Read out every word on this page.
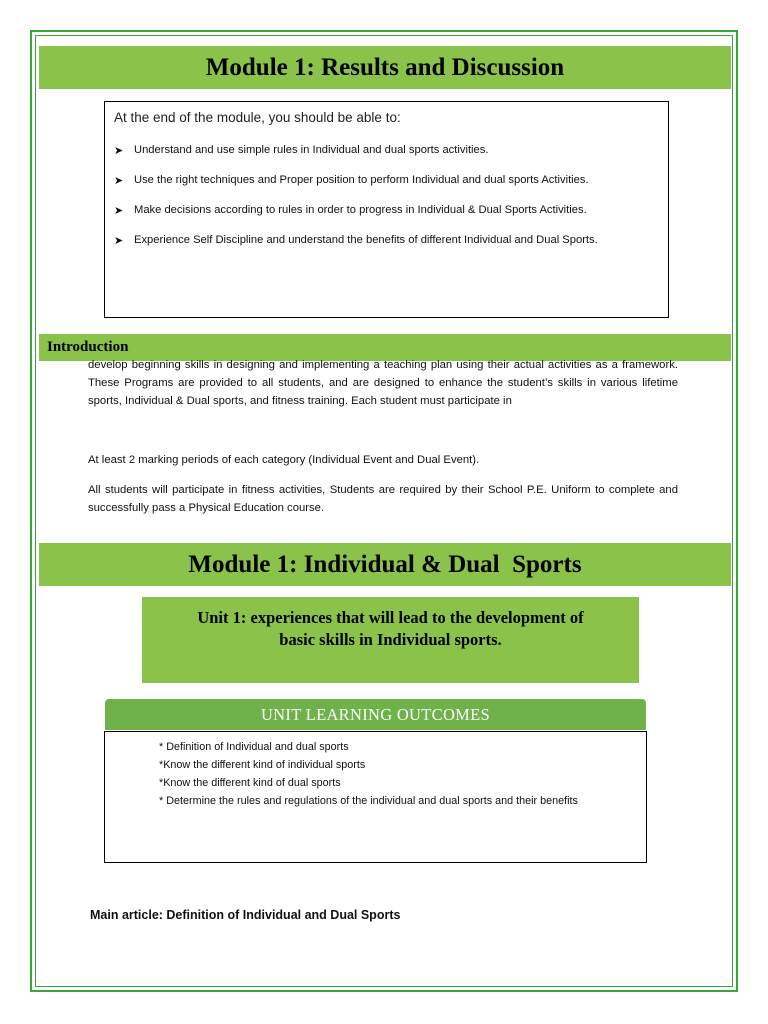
Module 1: Results and Discussion
At the end of the module, you should be able to:
➤ Understand and use simple rules in Individual and dual sports activities.
➤ Use the right techniques and Proper position to perform Individual and dual sports Activities.
➤ Make decisions according to rules in order to progress in Individual & Dual Sports Activities.
➤ Experience Self Discipline and understand the benefits of different Individual and Dual Sports.
Introduction

develop beginning skills in designing and implementing a teaching plan using their actual activities as a framework. These Programs are provided to all students, and are designed to enhance the student’s skills in various lifetime sports, Individual & Dual sports, and fitness training. Each student must participate in

At least 2 marking periods of each category (Individual Event and Dual Event).

All students will participate in fitness activities, Students are required by their School P.E. Uniform to complete and successfully pass a Physical Education course.

Module 1: Individual & Dual  Sports
Unit 1: experiences that will lead to the development of
basic skills in Individual sports.
UNIT LEARNING OUTCOMES
* Definition of Individual and dual sports
*Know the different kind of individual sports
*Know the different kind of dual sports
* Determine the rules and regulations of the individual and dual sports and their benefits
Main article: Definition of Individual and Dual Sports
